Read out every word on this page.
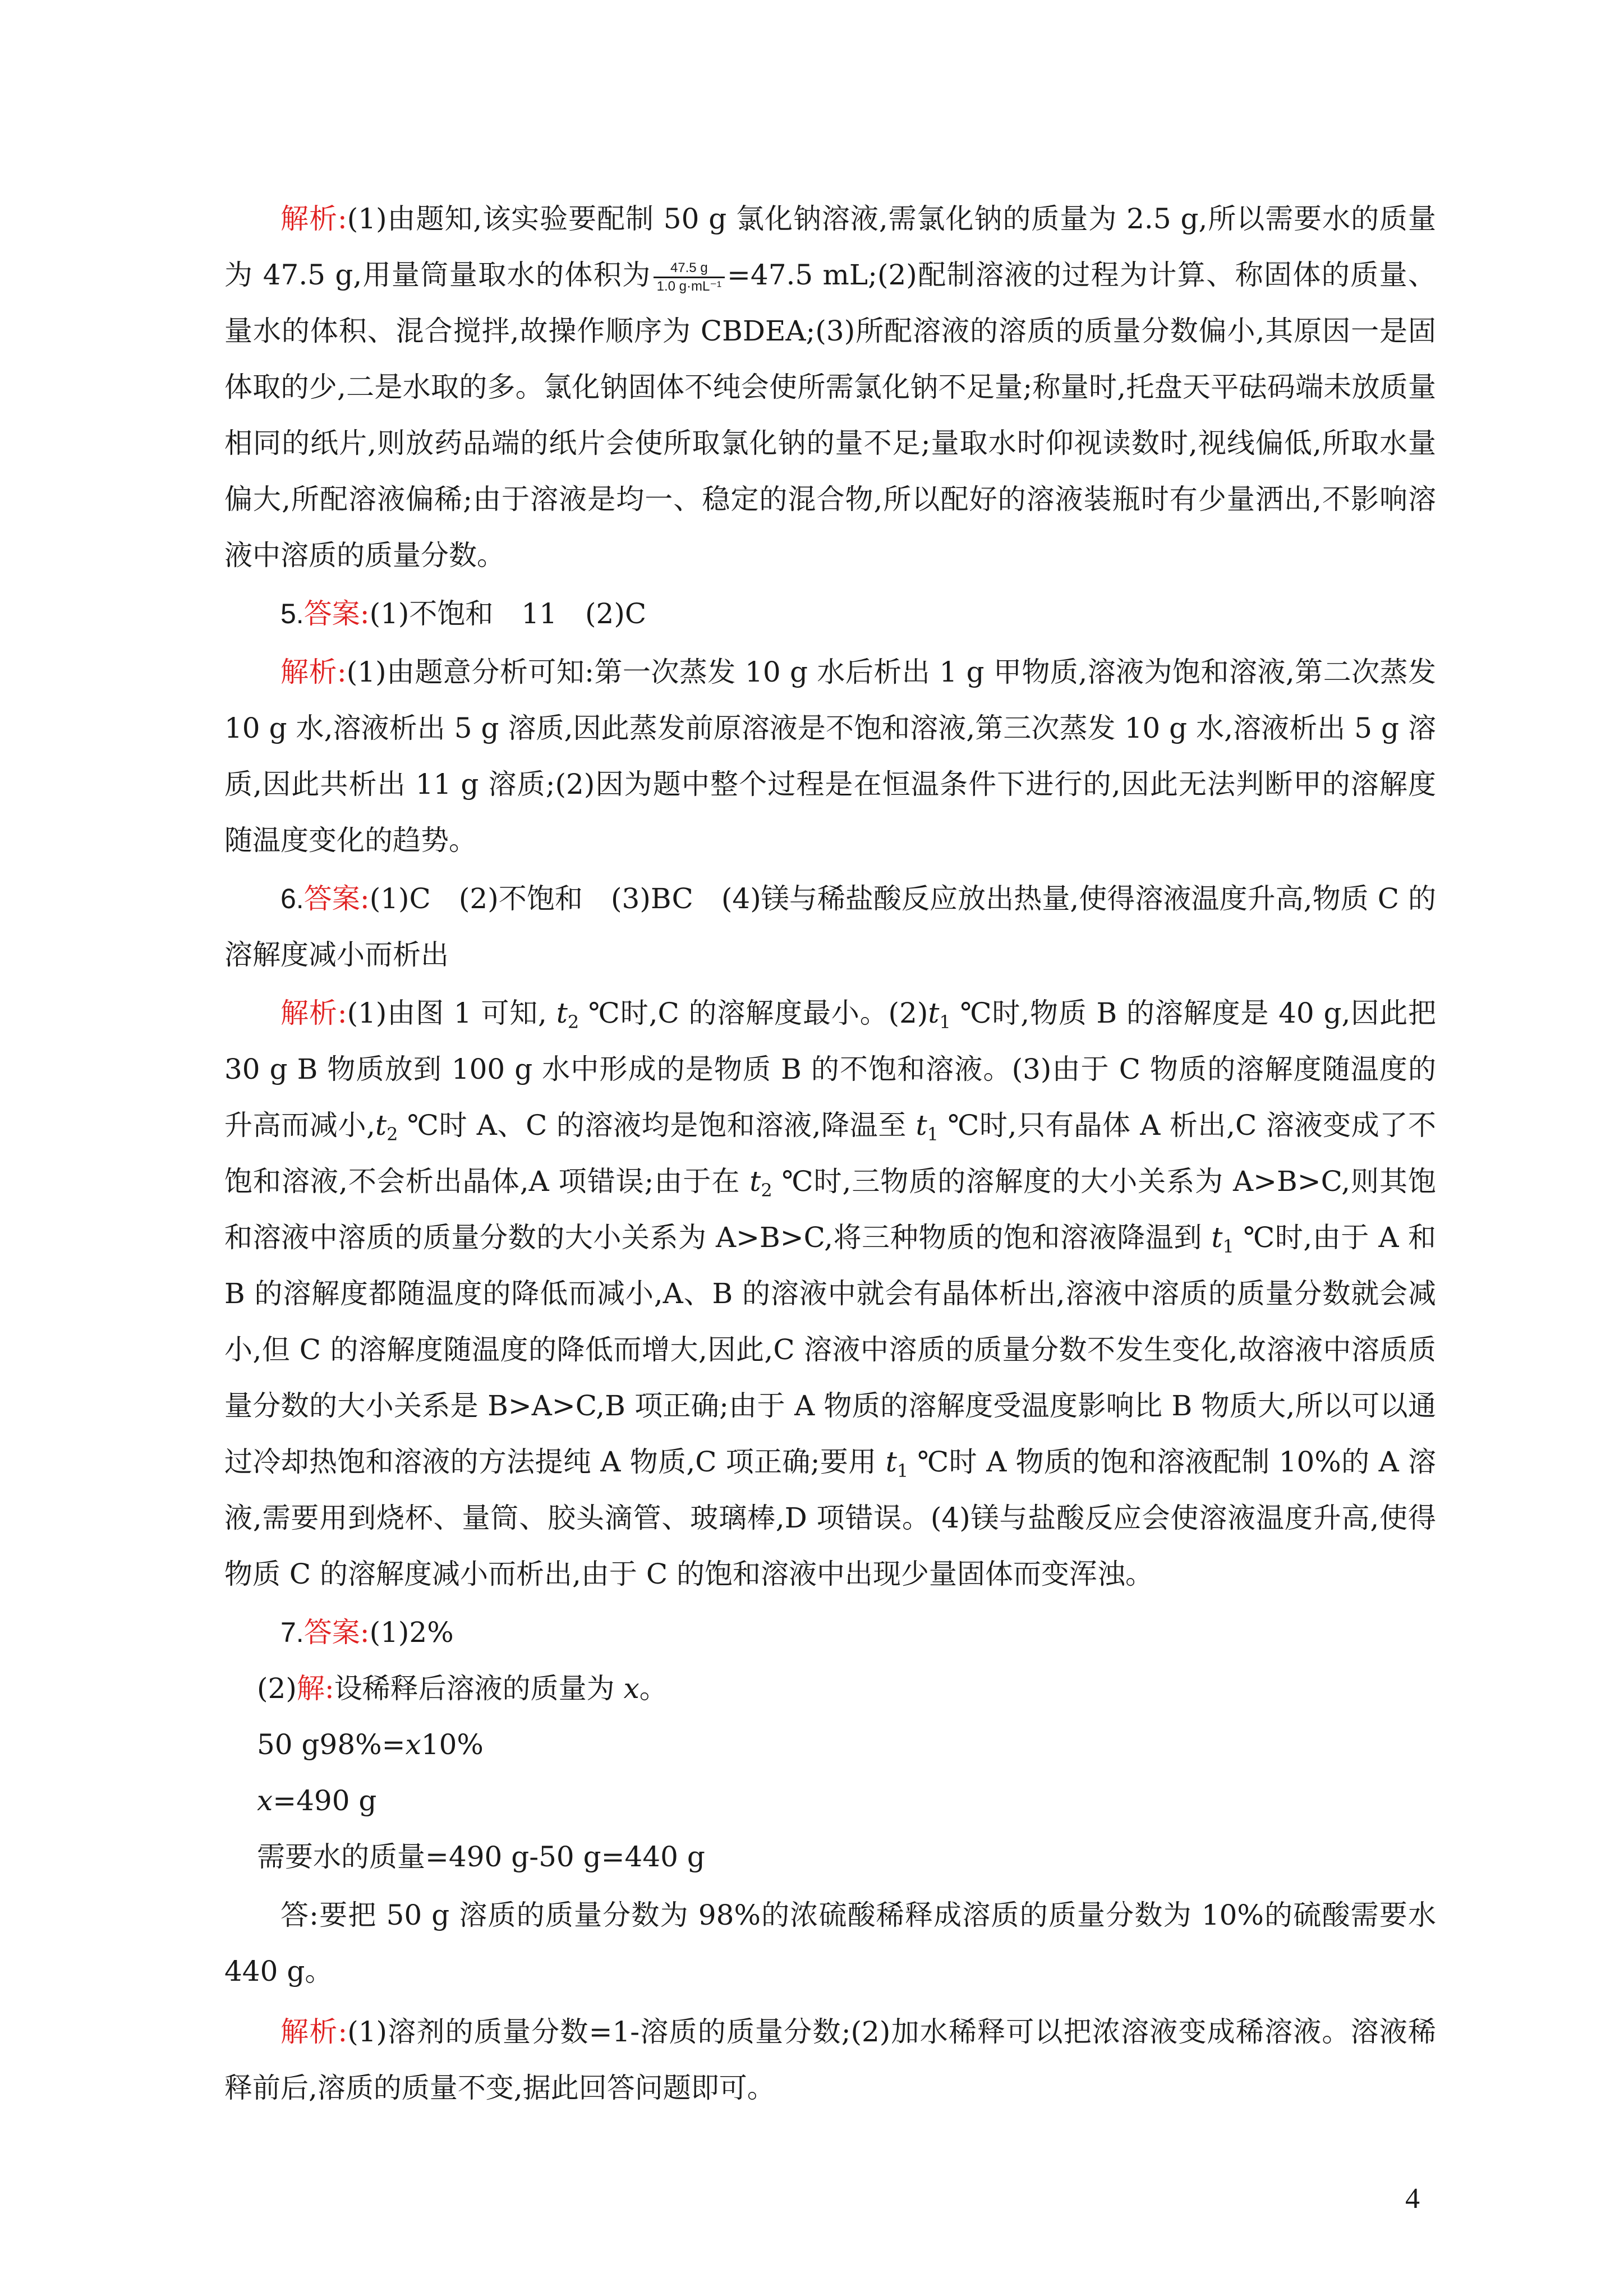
解析:(1)由题知,该实验要配制 50 g 氯化钠溶液,需氯化钠的质量为 2.5 g,所以需要水的质量为 47.5 g,用量筒量取水的体积为 $\frac{47.5 g}{\text{1.0 g·mL⁻¹}} =47.5$ mL;(2)配制溶液的过程为计算、称固体的质量、量水的体积、混合搅拌,故操作顺序为 CBDEA;(3)所配溶液的溶质的质量分数偏小,其原因一是固体取的少,二是水取的多。氯化钠固体不纯会使所需氯化钠不足量;称量时,托盘天平砝码端未放质量相同的纸片,则放药品端的纸片会使所取氯化钠的量不足;量取水时仰视读数时,视线偏低,所取水量偏大,所配溶液偏稀;由于溶液是均一、稳定的混合物,所以配好的溶液装瓶时有少量洒出,不影响溶液中溶质的质量分数。

5.答案:(1)不饱和　11　(2)C

解析:(1)由题意分析可知:第一次蒸发 10 g 水后析出 1 g 甲物质,溶液为饱和溶液,第二次蒸发 10 g 水,溶液析出 5 g 溶质,因此蒸发前原溶液是不饱和溶液,第三次蒸发 10 g 水,溶液析出 5 g 溶质,因此共析出 11 g 溶质;(2)因为题中整个过程是在恒温条件下进行的,因此无法判断甲的溶解度随温度变化的趋势。

6.答案:(1)C　(2)不饱和　(3)BC　(4)镁与稀盐酸反应放出热量,使得溶液温度升高,物质 C 的溶解度减小而析出

解析:(1)由图 1 可知, $t_2$ ℃时,C 的溶解度最小。$(2)t_1$ ℃时,物质 B 的溶解度是 40 g,因此把 30 g B 物质放到 100 g 水中形成的是物质 B 的不饱和溶液。(3)由于 C 物质的溶解度随温度的升高而减小$,t_2$ ℃时 A、C 的溶液均是饱和溶液,降温至 $t_1$ ℃时,只有晶体 A 析出,C 溶液变成了不饱和溶液,不会析出晶体,A 项错误;由于在 $t_2$ ℃时,三物质的溶解度的大小关系为 A>B>C,则其饱和溶液中溶质的质量分数的大小关系为 A>B>C,将三种物质的饱和溶液降温到 $t_1$ ℃时,由于 A 和 B 的溶解度都随温度的降低而减小,A、B 的溶液中就会有晶体析出,溶液中溶质的质量分数就会减小,但 C 的溶解度随温度的降低而增大,因此,C 溶液中溶质的质量分数不发生变化,故溶液中溶质质量分数的大小关系是 B>A>C,B 项正确;由于 A 物质的溶解度受温度影响比 B 物质大,所以可以通过冷却热饱和溶液的方法提纯 A 物质,C 项正确;要用 $t_1$ ℃时 A 物质的饱和溶液配制 10%的 A 溶液,需要用到烧杯、量筒、胶头滴管、玻璃棒,D 项错误。(4)镁与盐酸反应会使溶液温度升高,使得物质 C 的溶解度减小而析出,由于 C 的饱和溶液中出现少量固体而变浑浊。

7.答案:(1)2%

(2)解:设稀释后溶液的质量为 x。

50 g98%=x10%

x=490 g

需要水的质量=490 g-50 g=440 g

答:要把 50 g 溶质的质量分数为 98%的浓硫酸稀释成溶质的质量分数为 10%的硫酸需要水 440 g。

解析:(1)溶剂的质量分数=1-溶质的质量分数;(2)加水稀释可以把浓溶液变成稀溶液。溶液稀释前后,溶质的质量不变,据此回答问题即可。

4
